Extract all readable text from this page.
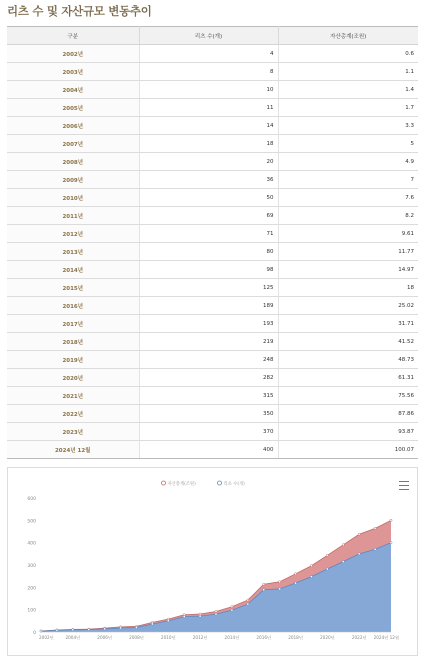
리츠 수 및 자산규모 변동추이
구분	리츠 수(개)	자산총계(조원)
2002년	4	0.6
2003년	8	1.1
2004년	10	1.4
2005년	11	1.7
2006년	14	3.3
2007년	18	5
2008년	20	4.9
2009년	36	7
2010년	50	7.6
2011년	69	8.2
2012년	71	9.61
2013년	80	11.77
2014년	98	14.97
2015년	125	18
2016년	189	25.02
2017년	193	31.71
2018년	219	41.52
2019년	248	48.73
2020년	282	61.31
2021년	315	75.56
2022년	350	87.86
2023년	370	93.87
2024년 12월	400	100.07
0
100
200
300
400
500
600
2002년	2004년	2006년	2008년	2010년	2012년	2014년	2016년	2018년	2020년	2022년 2024년 12월
자산총계(조원)	리츠 수(개)
